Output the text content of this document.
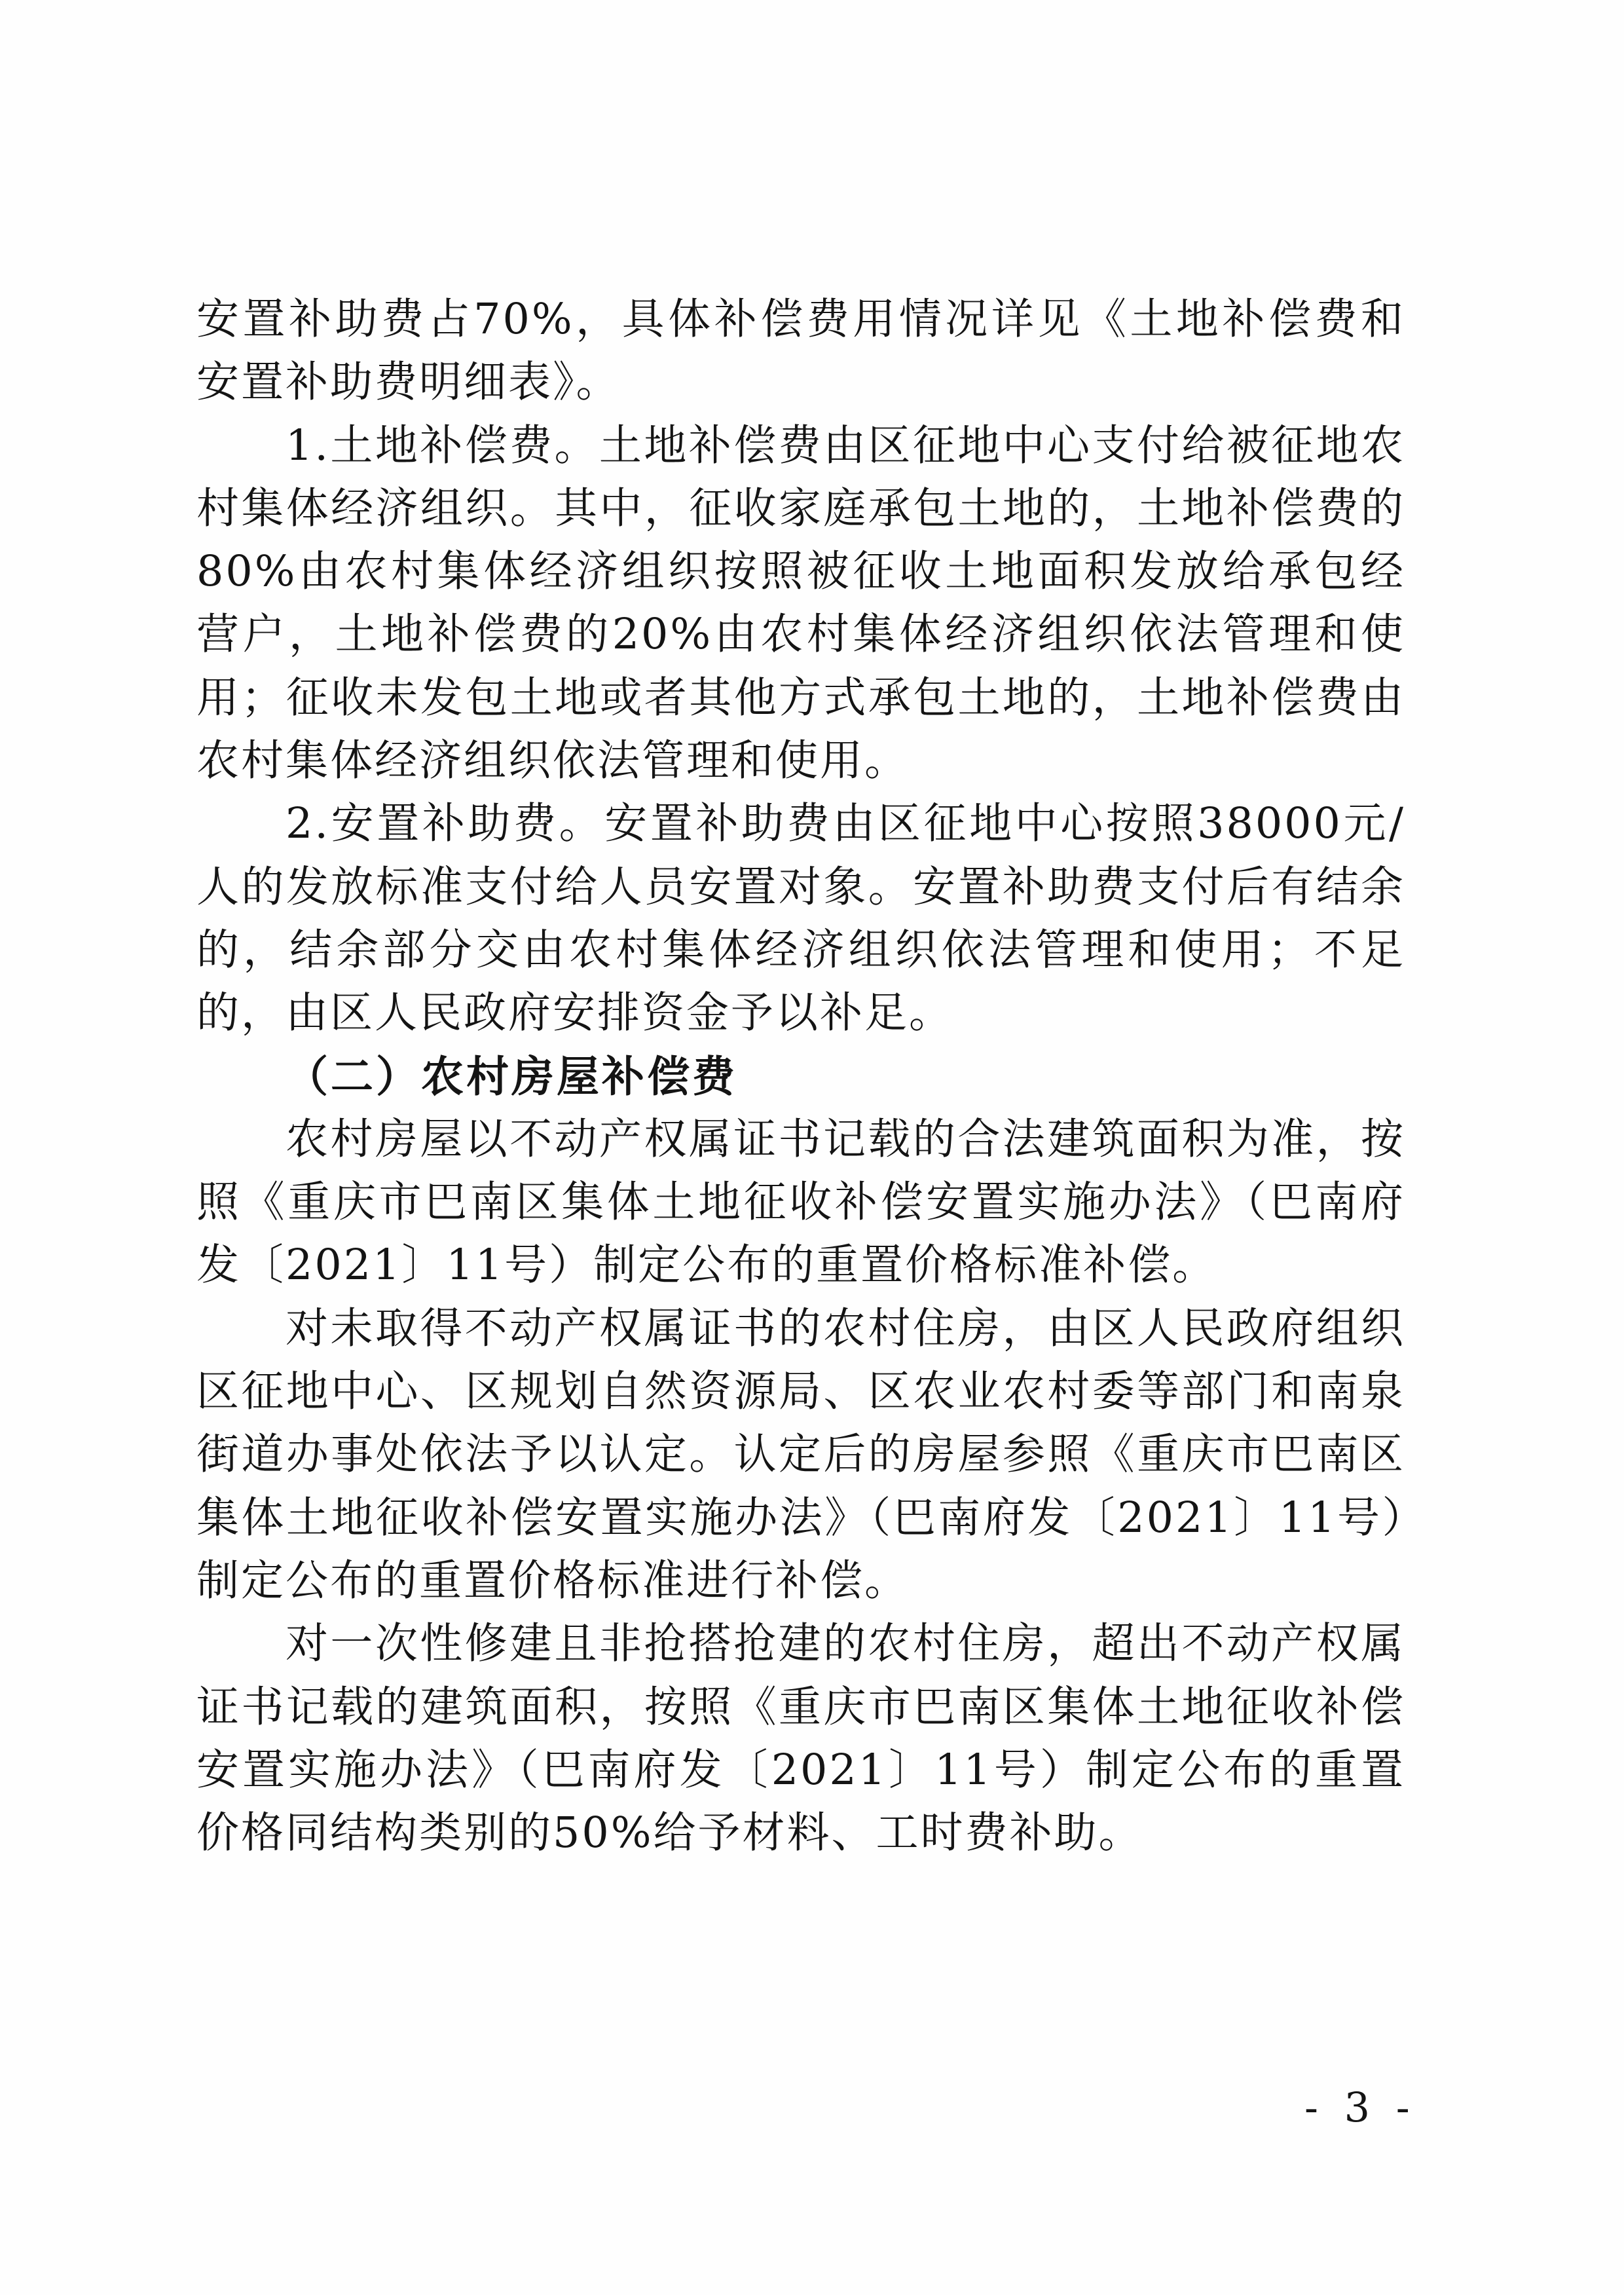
安置补助费占70%，具体补偿费用情况详见《土地补偿费和安置补助费明细表》。

1.土地补偿费。土地补偿费由区征地中心支付给被征地农村集体经济组织。其中，征收家庭承包土地的，土地补偿费的80%由农村集体经济组织按照被征收土地面积发放给承包经营户，土地补偿费的20%由农村集体经济组织依法管理和使用；征收未发包土地或者其他方式承包土地的，土地补偿费由农村集体经济组织依法管理和使用。

2.安置补助费。安置补助费由区征地中心按照38000元/人的发放标准支付给人员安置对象。安置补助费支付后有结余的，结余部分交由农村集体经济组织依法管理和使用；不足的，由区人民政府安排资金予以补足。

（二）农村房屋补偿费

农村房屋以不动产权属证书记载的合法建筑面积为准，按照《重庆市巴南区集体土地征收补偿安置实施办法》（巴南府发〔2021〕11号）制定公布的重置价格标准补偿。

对未取得不动产权属证书的农村住房，由区人民政府组织区征地中心、区规划自然资源局、区农业农村委等部门和南泉街道办事处依法予以认定。认定后的房屋参照《重庆市巴南区集体土地征收补偿安置实施办法》（巴南府发〔2021〕11号）制定公布的重置价格标准进行补偿。

对一次性修建且非抢搭抢建的农村住房，超出不动产权属证书记载的建筑面积，按照《重庆市巴南区集体土地征收补偿安置实施办法》（巴南府发〔2021〕11号）制定公布的重置价格同结构类别的50%给予材料、工时费补助。

- 3 -
